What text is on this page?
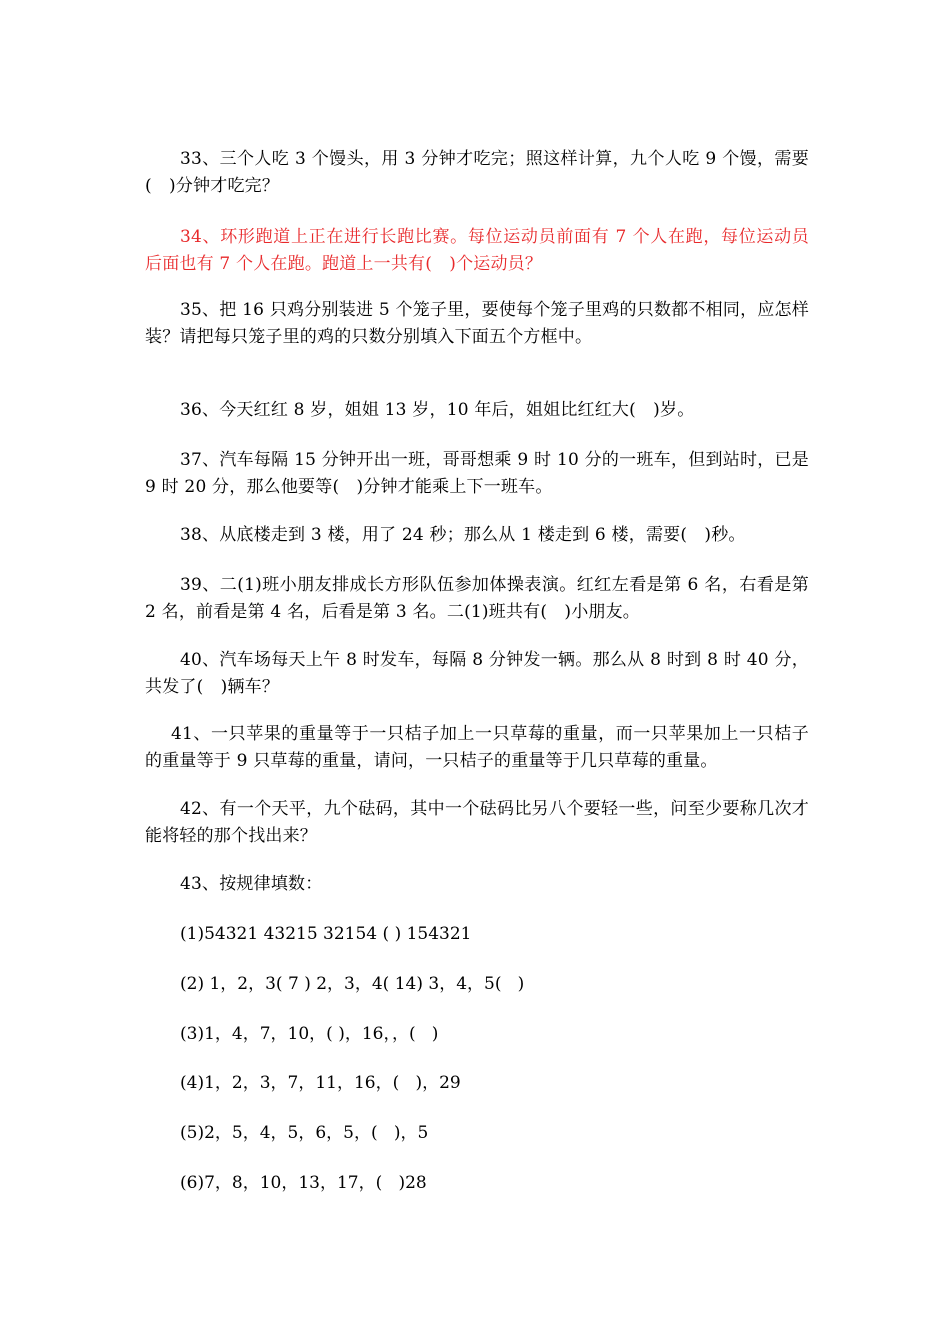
33、三个人吃 3 个馒头，用 3 分钟才吃完；照这样计算，九个人吃 9 个馒，需要(　)分钟才吃完？

34、环形跑道上正在进行长跑比赛。每位运动员前面有 7 个人在跑，每位运动员后面也有 7 个人在跑。跑道上一共有(　)个运动员？

35、把 16 只鸡分别装进 5 个笼子里，要使每个笼子里鸡的只数都不相同，应怎样装？请把每只笼子里的鸡的只数分别填入下面五个方框中。

36、今天红红 8 岁，姐姐 13 岁，10 年后，姐姐比红红大(　)岁。

37、汽车每隔 15 分钟开出一班，哥哥想乘 9 时 10 分的一班车，但到站时，已是 9 时 20 分，那么他要等(　)分钟才能乘上下一班车。

38、从底楼走到 3 楼，用了 24 秒；那么从 1 楼走到 6 楼，需要(　)秒。

39、二(1)班小朋友排成长方形队伍参加体操表演。红红左看是第 6 名，右看是第 2 名，前看是第 4 名，后看是第 3 名。二(1)班共有(　)小朋友。

40、汽车场每天上午 8 时发车，每隔 8 分钟发一辆。那么从 8 时到 8 时 40 分，共发了(　)辆车？

41、一只苹果的重量等于一只桔子加上一只草莓的重量，而一只苹果加上一只桔子的重量等于 9 只草莓的重量，请问，一只桔子的重量等于几只草莓的重量。

42、有一个天平，九个砝码，其中一个砝码比另八个要轻一些，问至少要称几次才能将轻的那个找出来？

43、按规律填数：

(1)54321 43215 32154 ( ) 154321
(2) 1，2，3( 7 ) 2，3，4( 14) 3，4，5(   )
(3)1，4，7，10，( )，16，，(   )
(4)1，2，3，7，11，16，(   )，29
(5)2，5，4，5，6，5，(   )，5
(6)7，8，10，13，17，(   )28
